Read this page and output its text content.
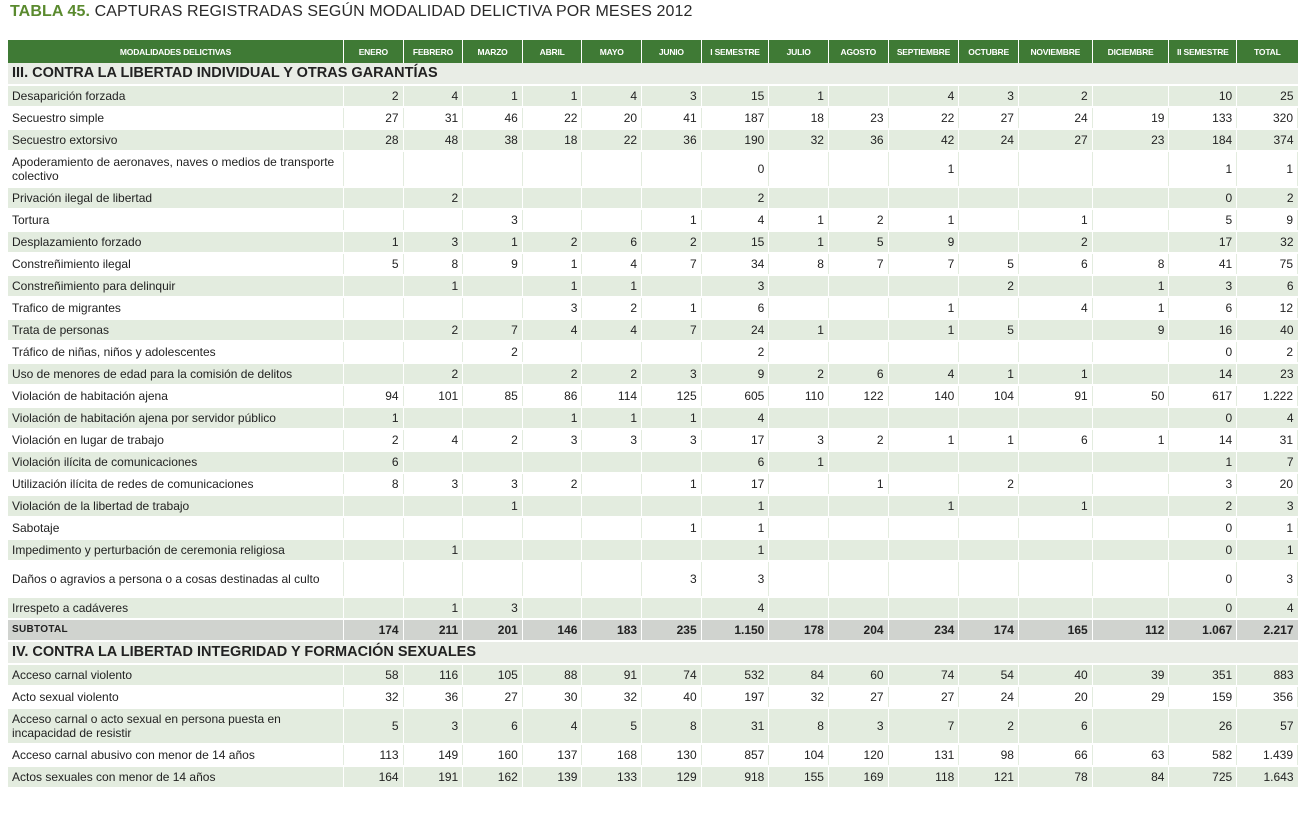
TABLA 45. CAPTURAS REGISTRADAS SEGÚN MODALIDAD DELICTIVA POR MESES 2012
MODALIDADES DELICTIVAS	ENERO	FEBRERO	MARZO	ABRIL	MAYO	JUNIO	I SEMESTRE	JULIO	AGOSTO	SEPTIEMBRE	OCTUBRE	NOVIEMBRE	DICIEMBRE	II SEMESTRE	TOTAL
III. CONTRA LA LIBERTAD INDIVIDUAL Y OTRAS GARANTÍAS															
Desaparición forzada	2	4	1	1	4	3	15	1		4	3	2		10	25
Secuestro simple	27	31	46	22	20	41	187	18	23	22	27	24	19	133	320
Secuestro extorsivo	28	48	38	18	22	36	190	32	36	42	24	27	23	184	374
Apoderamiento de aeronaves, naves o medios de transporte colectivo							0			1				1	1
Privación ilegal de libertad		2					2							0	2
Tortura			3			1	4	1	2	1		1		5	9
Desplazamiento forzado	1	3	1	2	6	2	15	1	5	9		2		17	32
Constreñimiento ilegal	5	8	9	1	4	7	34	8	7	7	5	6	8	41	75
Constreñimiento para delinquir		1		1	1		3				2		1	3	6
Trafico de migrantes				3	2	1	6			1		4	1	6	12
Trata de personas		2	7	4	4	7	24	1		1	5		9	16	40
Tráfico de niñas, niños y adolescentes			2				2							0	2
Uso de menores de edad para la comisión de delitos		2		2	2	3	9	2	6	4	1	1		14	23
Violación de habitación ajena	94	101	85	86	114	125	605	110	122	140	104	91	50	617	1.222
Violación de habitación ajena por servidor público	1			1	1	1	4							0	4
Violación en lugar de trabajo	2	4	2	3	3	3	17	3	2	1	1	6	1	14	31
Violación ilícita de comunicaciones	6						6	1						1	7
Utilización ilícita de redes de comunicaciones	8	3	3	2		1	17		1		2			3	20
Violación de la libertad de trabajo			1				1			1		1		2	3
Sabotaje						1	1							0	1
Impedimento y perturbación de ceremonia religiosa		1					1							0	1
Daños o agravios a persona o a cosas destinadas al culto						3	3							0	3
Irrespeto a cadáveres		1	3				4							0	4
SUBTOTAL	174	211	201	146	183	235	1.150	178	204	234	174	165	112	1.067	2.217
IV. CONTRA LA LIBERTAD INTEGRIDAD Y FORMACIÓN SEXUALES															
Acceso carnal violento	58	116	105	88	91	74	532	84	60	74	54	40	39	351	883
Acto sexual violento	32	36	27	30	32	40	197	32	27	27	24	20	29	159	356
Acceso carnal o acto sexual en persona puesta en incapacidad de resistir	5	3	6	4	5	8	31	8	3	7	2	6		26	57
Acceso carnal abusivo con menor de 14 años	113	149	160	137	168	130	857	104	120	131	98	66	63	582	1.439
Actos sexuales con menor de 14 años	164	191	162	139	133	129	918	155	169	118	121	78	84	725	1.643
